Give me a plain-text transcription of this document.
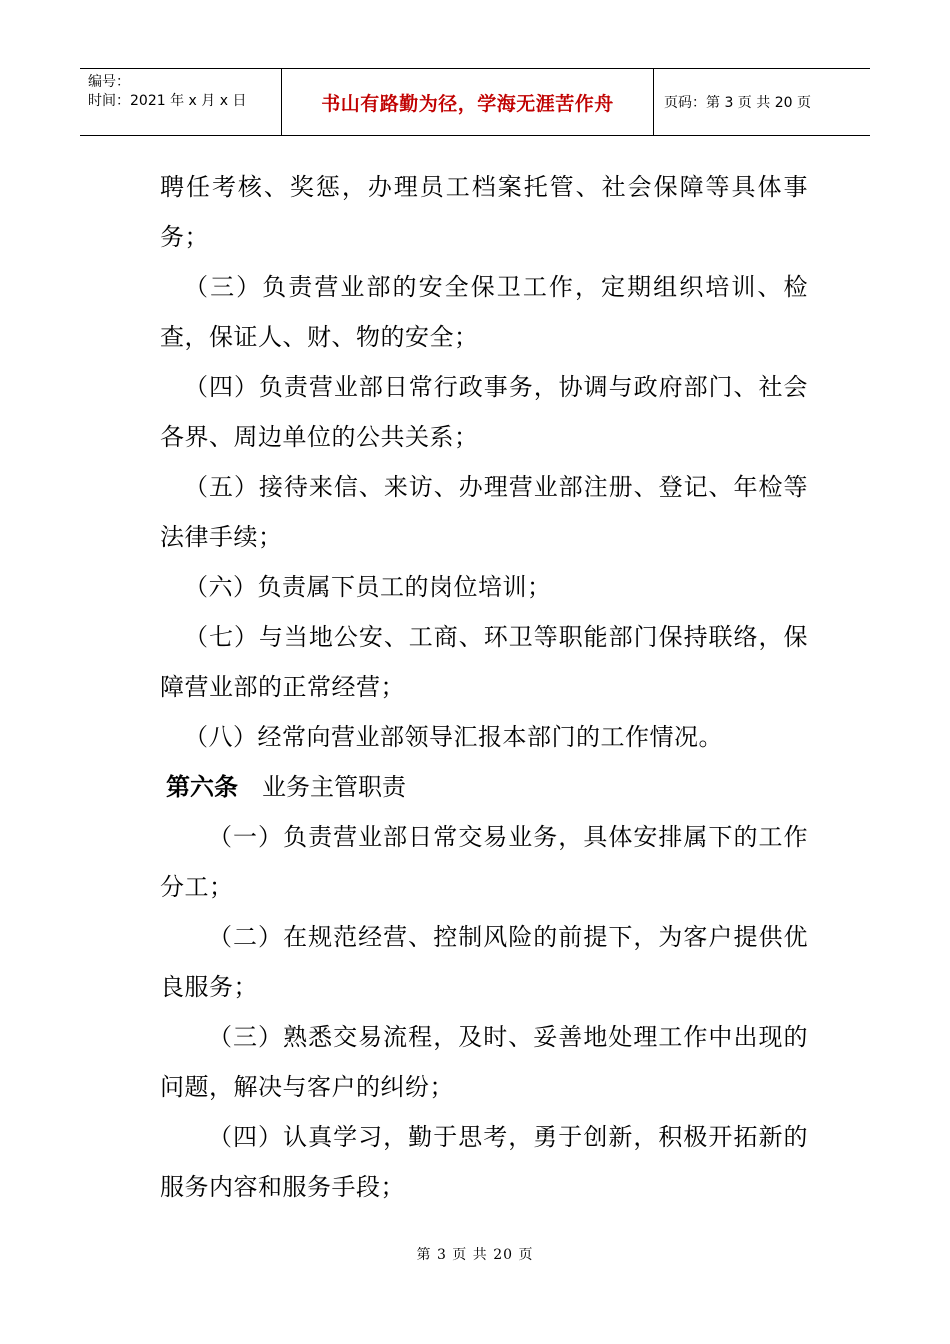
编号：
时间：2021 年 x 月 x 日	书山有路勤为径，学海无涯苦作舟	页码：第 3 页 共 20 页

聘任考核、奖惩，办理员工档案托管、社会保障等具体事务；

（三）负责营业部的安全保卫工作，定期组织培训、检查，保证人、财、物的安全；

（四）负责营业部日常行政事务，协调与政府部门、社会各界、周边单位的公共关系；

（五）接待来信、来访、办理营业部注册、登记、年检等法律手续；

（六）负责属下员工的岗位培训；

（七）与当地公安、工商、环卫等职能部门保持联络，保障营业部的正常经营；

（八）经常向营业部领导汇报本部门的工作情况。

第六条 业务主管职责

（一）负责营业部日常交易业务，具体安排属下的工作分工；

（二）在规范经营、控制风险的前提下，为客户提供优良服务；

（三）熟悉交易流程，及时、妥善地处理工作中出现的问题，解决与客户的纠纷；

（四）认真学习，勤于思考，勇于创新，积极开拓新的服务内容和服务手段；

第 3 页 共 20 页
